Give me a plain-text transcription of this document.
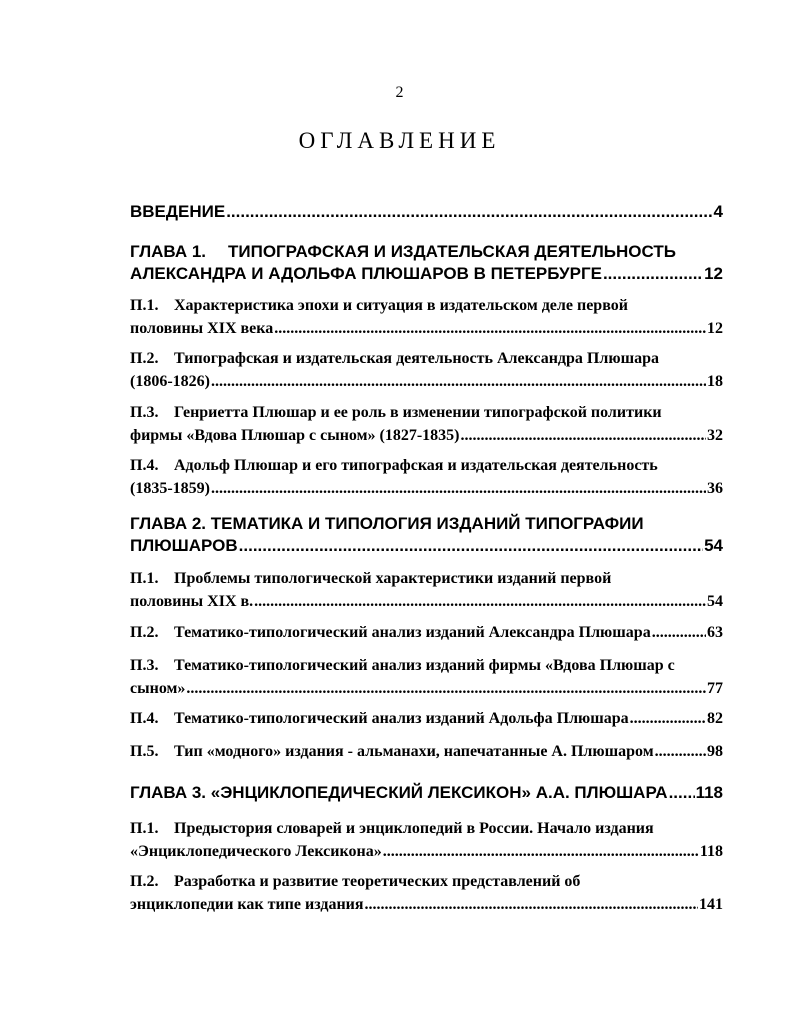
2
ОГЛАВЛЕНИЕ
ВВЕДЕНИЕ .....	4
ГЛАВА 1. ТИПОГРАФСКАЯ И ИЗДАТЕЛЬСКАЯ ДЕЯТЕЛЬНОСТЬ
АЛЕКСАНДРА И АДОЛЬФА ПЛЮШАРОВ В ПЕТЕРБУРГЕ .....	12
П.1. Характеристика эпохи и ситуация в издательском деле первой
половины XIX века .....	12
П.2. Типографская и издательская деятельность Александра Плюшара
(1806-1826) .....	18
П.3. Генриетта Плюшар и ее роль в изменении типографской политики
фирмы «Вдова Плюшар с сыном» (1827-1835) .....	32
П.4. Адольф Плюшар и его типографская и издательская деятельность
(1835-1859) .....	36
ГЛАВА 2. ТЕМАТИКА И ТИПОЛОГИЯ ИЗДАНИЙ ТИПОГРАФИИ
ПЛЮШАРОВ .....	54
П.1. Проблемы типологической характеристики изданий первой
половины XIX в. .....	54
П.2. Тематико-типологический анализ изданий Александра Плюшара .....	63
П.3. Тематико-типологический анализ изданий фирмы «Вдова Плюшар с
сыном» .....	77
П.4. Тематико-типологический анализ изданий Адольфа Плюшара .....	82
П.5. Тип «модного» издания - альманахи, напечатанные А. Плюшаром .....	98
ГЛАВА 3. «ЭНЦИКЛОПЕДИЧЕСКИЙ ЛЕКСИКОН» А.А. ПЛЮШАРА ..... 118
П.1. Предыстория словарей и энциклопедий в России. Начало издания
«Энциклопедического Лексикона» .....	118
П.2. Разработка и развитие теоретических представлений об
энциклопедии как типе издания .....	141
